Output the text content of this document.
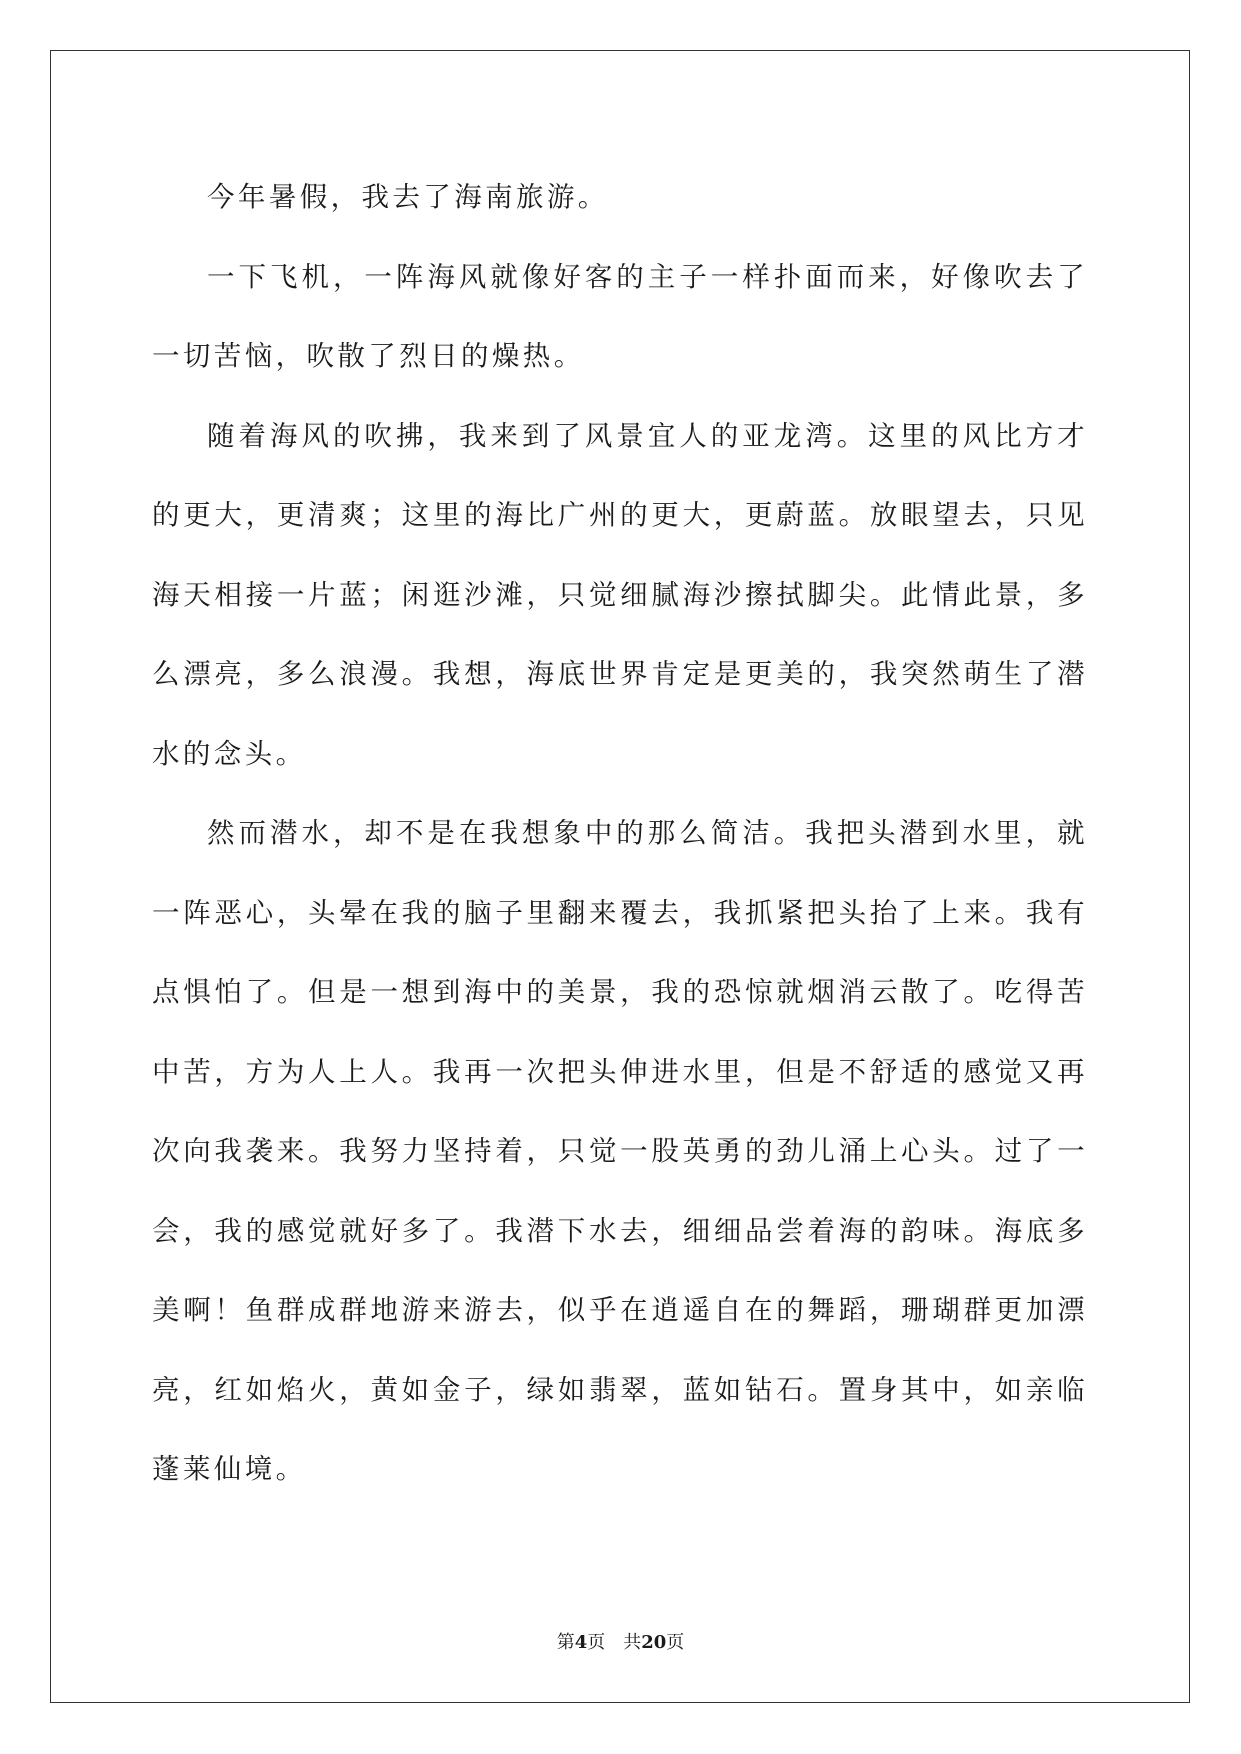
今年暑假，我去了海南旅游。

一下飞机，一阵海风就像好客的主子一样扑面而来，好像吹去了一切苦恼，吹散了烈日的燥热。

随着海风的吹拂，我来到了风景宜人的亚龙湾。这里的风比方才的更大，更清爽；这里的海比广州的更大，更蔚蓝。放眼望去，只见海天相接一片蓝；闲逛沙滩，只觉细腻海沙擦拭脚尖。此情此景，多么漂亮，多么浪漫。我想，海底世界肯定是更美的，我突然萌生了潜水的念头。

然而潜水，却不是在我想象中的那么简洁。我把头潜到水里，就一阵恶心，头晕在我的脑子里翻来覆去，我抓紧把头抬了上来。我有点惧怕了。但是一想到海中的美景，我的恐惊就烟消云散了。吃得苦中苦，方为人上人。我再一次把头伸进水里，但是不舒适的感觉又再次向我袭来。我努力坚持着，只觉一股英勇的劲儿涌上心头。过了一会，我的感觉就好多了。我潜下水去，细细品尝着海的韵味。海底多美啊！鱼群成群地游来游去，似乎在逍遥自在的舞蹈，珊瑚群更加漂亮，红如焰火，黄如金子，绿如翡翠，蓝如钻石。置身其中，如亲临蓬莱仙境。

第4页 共20页
